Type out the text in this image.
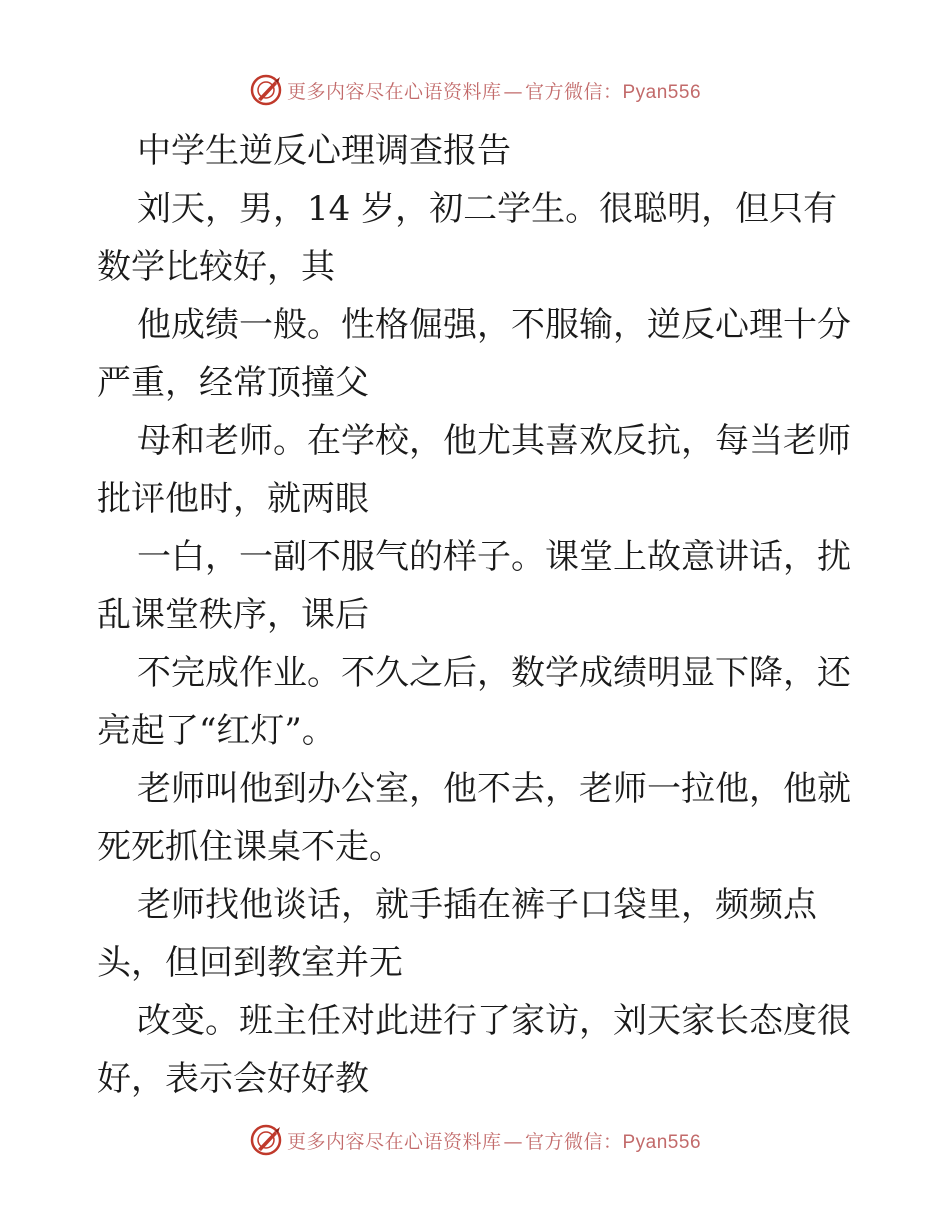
更多内容尽在心语资料库 — 官方微信：Pyan556
中学生逆反心理调查报告
刘天，男，14 岁，初二学生。很聪明，但只有
数学比较好，其
他成绩一般。性格倔强，不服输，逆反心理十分
严重，经常顶撞父
母和老师。在学校，他尤其喜欢反抗，每当老师
批评他时，就两眼
一白，一副不服气的样子。课堂上故意讲话，扰
乱课堂秩序，课后
不完成作业。不久之后，数学成绩明显下降，还
亮起了“红灯”。
老师叫他到办公室，他不去，老师一拉他，他就
死死抓住课桌不走。
老师找他谈话，就手插在裤子口袋里，频频点
头，但回到教室并无
改变。班主任对此进行了家访，刘天家长态度很
好，表示会好好教
更多内容尽在心语资料库 — 官方微信：Pyan556
